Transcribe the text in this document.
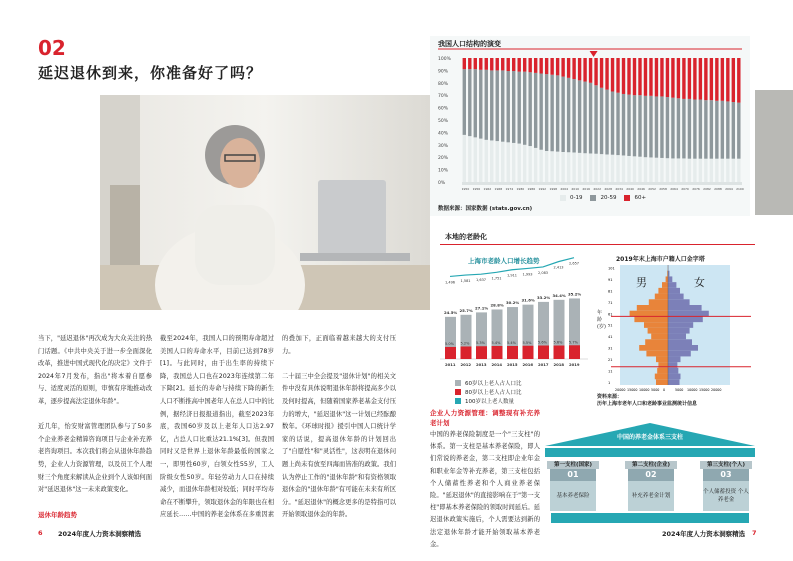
02
延迟退休到来，你准备好了吗？

当下，"延迟退休"再次成为大众关注的热门话题。《中共中央关于进一步全面深化改革，推进中国式现代化的决定》文件于2024年7月发布，指出"将本着自愿参与、适度灵活的原则，审慎有序地推动改革，逐步提高法定退休年龄"。

近几年，怡安财富管理团队参与了50多个企业养老金精算咨询项目与企业补充养老咨询项目。本次我们将会从退休年龄趋势，企业人力资源管理，以及员工个人理财三个角度来解读从企业到个人该如何面对"延迟退休"这一未来政策变化。

退休年龄趋势

截至2024年，我国人口的预期寿命超过美国人口的寿命水平，目前已达到78岁[1]。与此同时，由于出生率的持续下降，我国总人口也在2023年连续第二年下降[2]。延长的寿命与持续下降的新生人口不断推高中国老年人在总人口中的比例，据经济日报报道指出，截至2023年底，我国60岁及以上老年人口达2.97亿，占总人口比重达21.1%[3]。但我国同时又是世界上退休年龄最低的国家之一，即男性60岁，白领女性55岁，工人阶级女性50岁。年轻劳动力人口在持续减少，而退休年龄相对较低；同时平均寿命在不断攀升，领取退休金的年限也在相应延长……中国的养老金体系在多重因素的叠加下，正面临着越来越大的支付压力。

二十届三中全会提及"退休计划"的相关文件中没有具体说明退休年龄将提高多少以及何时提高，但随着国家养老基金支付压力的增大，"延迟退休"这一计划已经酝酿数年。《环球时报》援引中国人口统计学家的话说，提高退休年龄的计划回出了"自愿性"和"灵活性"，这表明在退休问题上尚未有放至四海而皆准的政策。我们认为停止工作的"退休年龄"和有资格领取退休金的"退休年龄"有可能在未来有所区分。"延迟退休"的概念更多的是特指可以开始领取退休金的年龄。

6 2024年度人力资本洞察精选	2024年度人力资本洞察精选 7
0%
10%
20%
30%
40%
50%
60%
70%
80%
90%
100%
1950 1956 1962 1968 1974 1980 1986 1992 1998 2004 2010 2016 2022 2028 2034 2040 2046 2052 2058 2064 2070 2076 2082 2088 2094 2100
我国人口结构的演变
0-19	20-59	60+
数据来源：国家数据 (stats.gov.cn)
本地的老龄化
24.5%
5.0%
2011
1,496
25.7%
5.2%
2012
1,581
27.1%
5.3%
2013
1,637
28.8%
5.4%
2014
1,751
30.2%
5.4%
2015
1,911
31.6%
5.5%
2016
1,993
33.2%
5.6%
2017
2,083
34.4%
5.6%
2018
2,413
35.2%
5.7%
2019
2,657
上海市老龄人口增长趋势
60岁以上老人占人口比
80岁以上老人占人口比
100岁以上老人数量
1
11
21
31
41
51
61
71
81
91
101
20000 15000 10000 5000 0	5000 10000 15000 20000
2019年末上海市户籍人口金字塔
男	女
年龄(岁)
资料来源：
历年上海市老年人口和老龄事业监测统计信息
企业人力资源管理：调整现有补充养老计划

中国的养老保险制度是一个"三支柱"的体系。第一支柱是基本养老保险，即人们常说的养老金，第二支柱即企业年金和职业年金等补充养老，第三支柱包括个人储蓄性养老和个人商业养老保险。"延迟退休"的直接影响在于"第一支柱"即基本养老保险的领取时间延后。延迟退休政策实施后，个人需要达到新的法定退休年龄才能开始领取基本养老金。

中国的养老金体系三支柱
第一支柱(国家)
01
基本养老保险
第二支柱(企业)
02
补充养老金计划
第三支柱(个人)
03
个人储蓄投资 个人养老金
